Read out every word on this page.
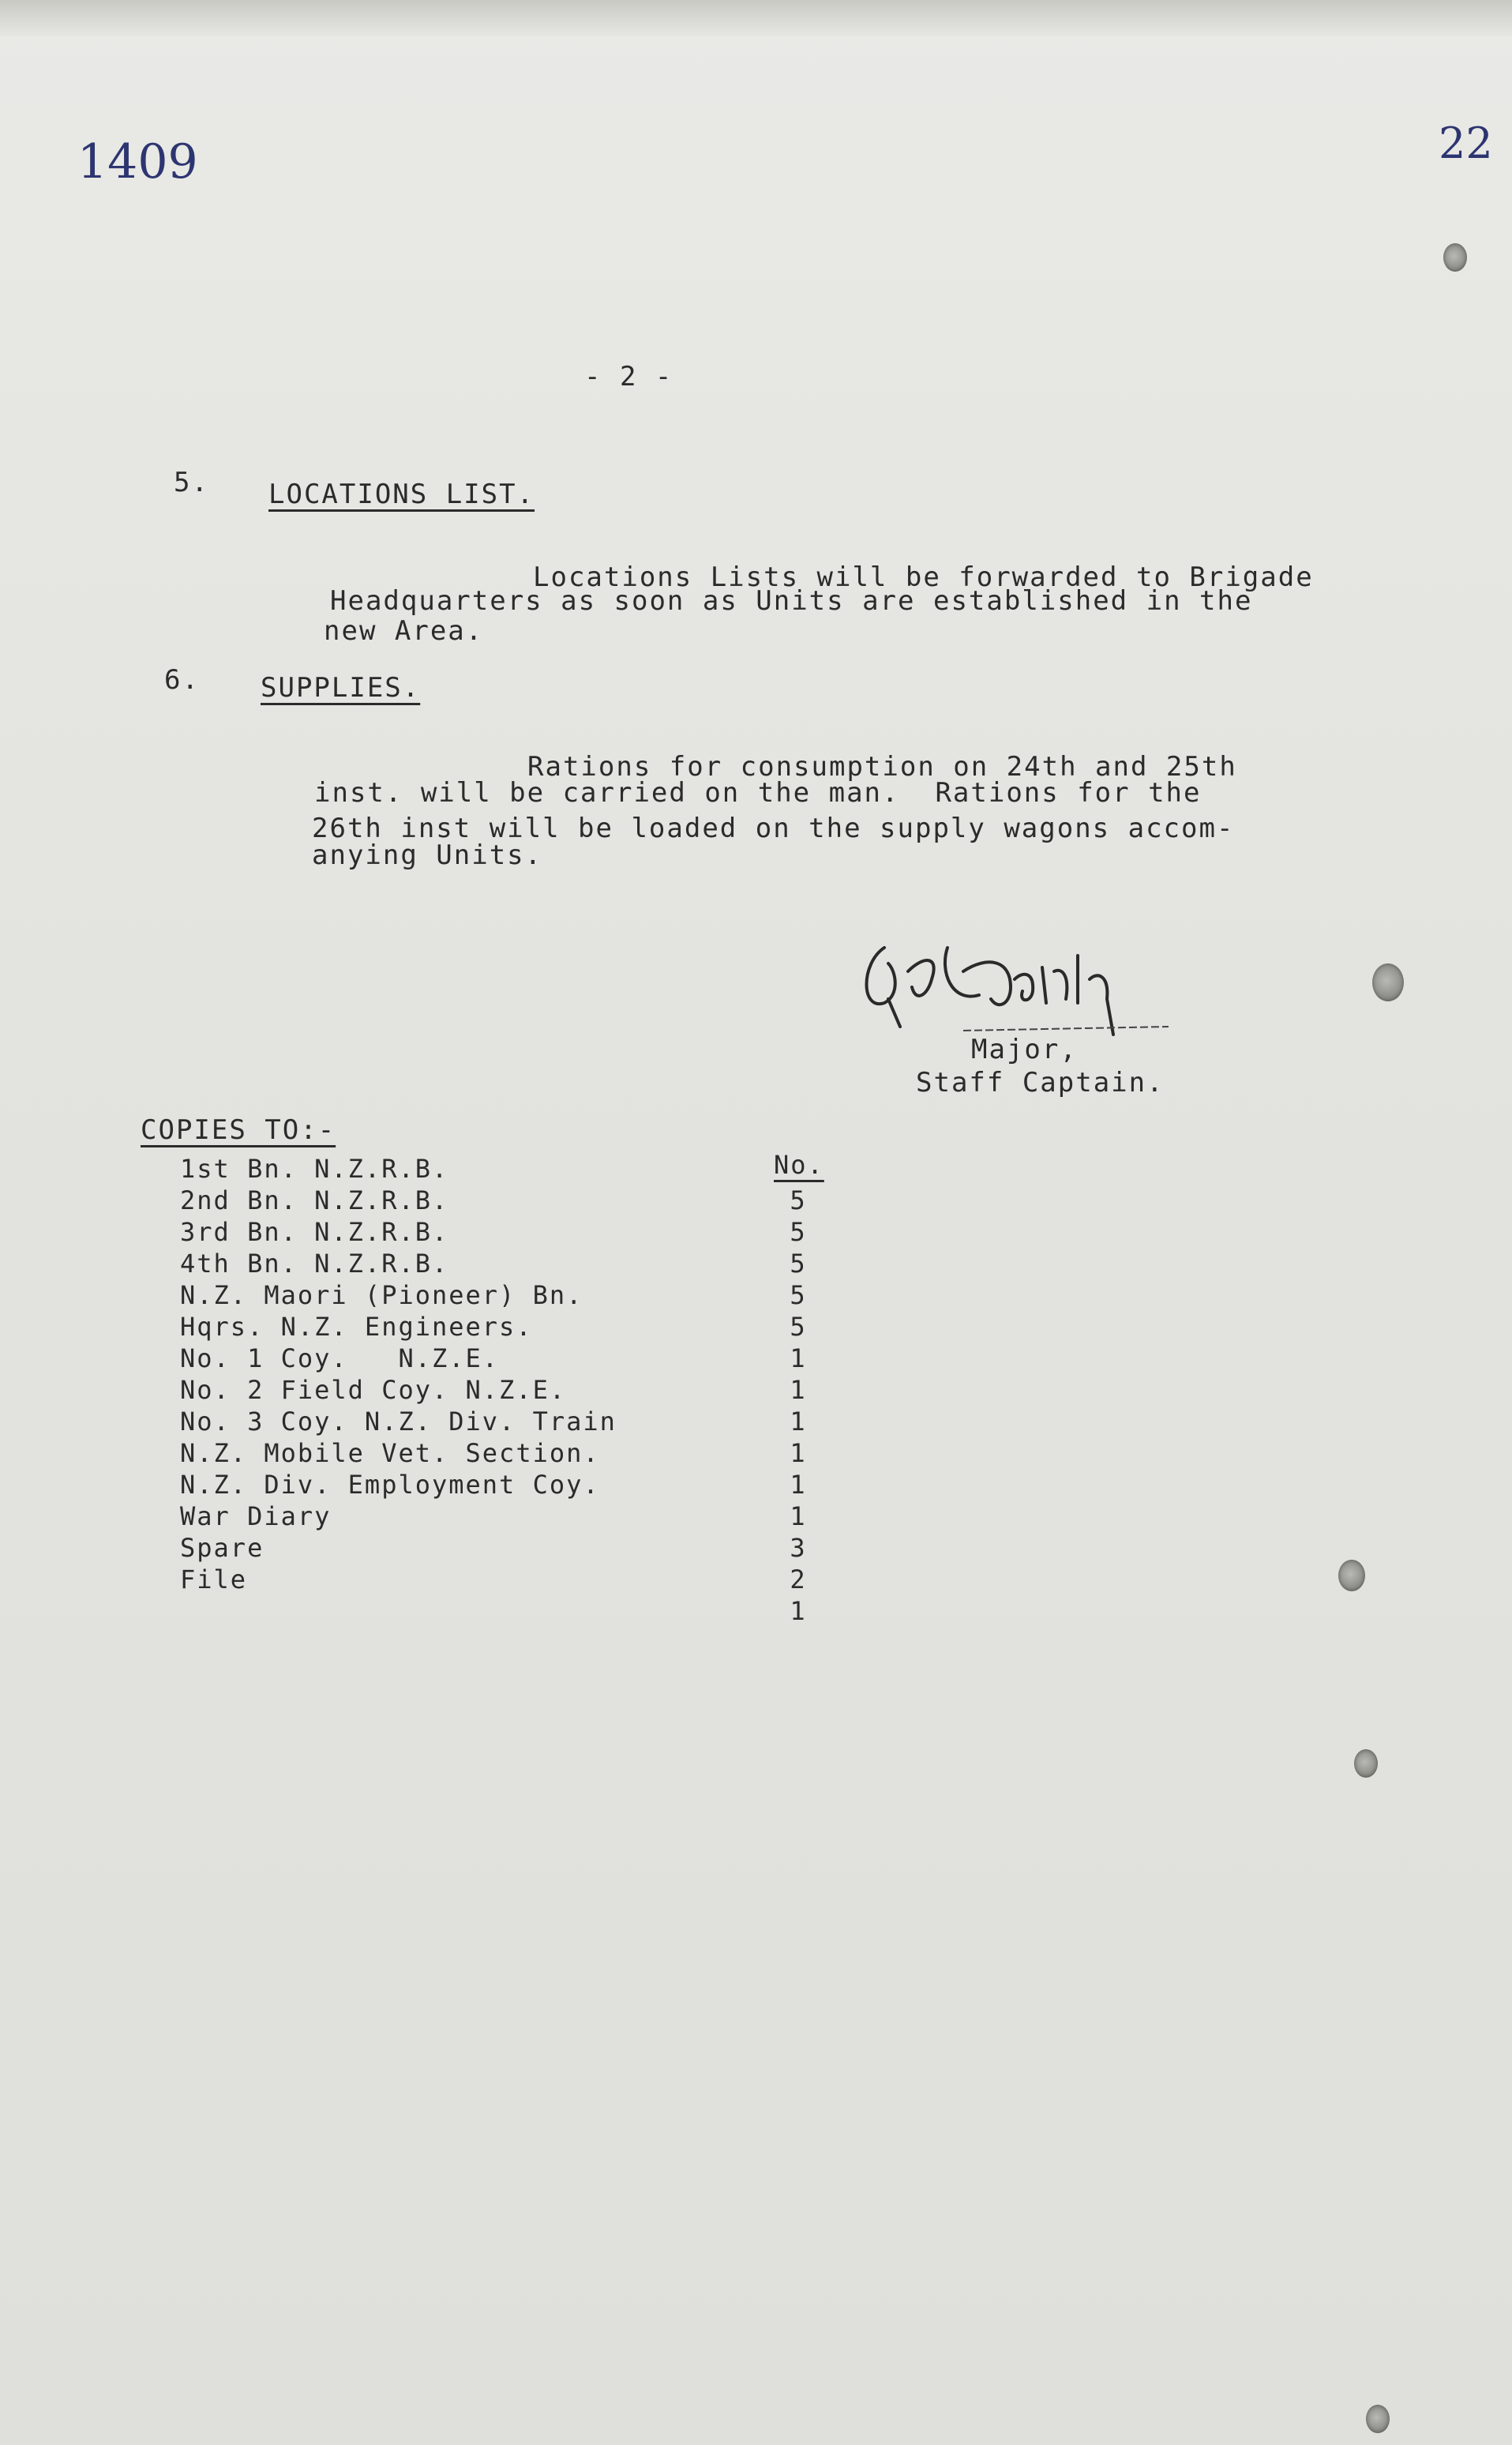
1409	22
- 2 -
5. LOCATIONS LIST.
Locations Lists will be forwarded to Brigade
Headquarters as soon as Units are established in the
new Area.
6. SUPPLIES.
Rations for consumption on 24th and 25th
inst. will be carried on the man.  Rations for the
26th inst will be loaded on the supply wagons accom-
anying Units.
Major,
Staff Captain.
COPIES TO:-
No.
1st Bn. N.Z.R.B.
2nd Bn. N.Z.R.B.
3rd Bn. N.Z.R.B.
4th Bn. N.Z.R.B.
N.Z. Maori (Pioneer) Bn.
Hqrs. N.Z. Engineers.
No. 1 Coy.   N.Z.E.
No. 2 Field Coy. N.Z.E.
No. 3 Coy. N.Z. Div. Train
N.Z. Mobile Vet. Section.
N.Z. Div. Employment Coy.
War Diary
Spare
File
5
5
5
5
5
1
1
1
1
1
1
3
2
1
